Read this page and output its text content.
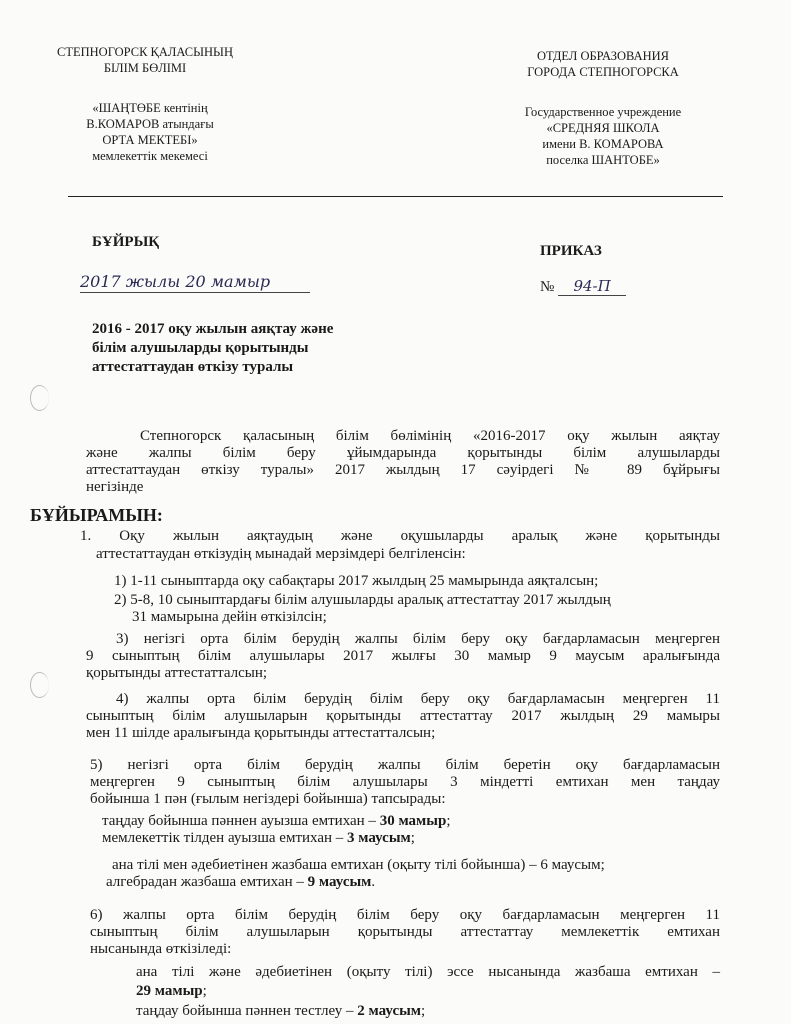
СТЕПНОГОРСК ҚАЛАСЫНЫҢ
БІЛІМ БӨЛІМІ
«ШАҢТӨБЕ кентінің
В.КОМАРОВ атындағы
ОРТА МЕКТЕБІ»
мемлекеттік мекемесі
ОТДЕЛ ОБРАЗОВАНИЯ
ГОРОДА СТЕПНОГОРСКА
Государственное учреждение
«СРЕДНЯЯ ШКОЛА
имени В. КОМАРОВА
поселка ШАНТОБЕ»
БҰЙРЫҚ
ПРИКАЗ
2017 жылы 20 мамыр	№ 94-П
2016 - 2017 оқу жылын аяқтау және
білім алушыларды қорытынды
аттестаттаудан өткізу туралы
Степногорск қаласының білім бөлімінің «2016-2017 оқу жылын аяқтау
және жалпы білім беру ұйымдарында қорытынды білім алушыларды
аттестаттаудан өткізу туралы» 2017 жылдың 17 сәуірдегі № 89 бұйрығы
негізінде
БҰЙЫРАМЫН:
1. Оқу жылын аяқтаудың және оқушыларды аралық және қорытынды
аттестаттаудан өткізудің мынадай мерзімдері белгіленсін:
1) 1-11 сыныптарда оқу сабақтары 2017 жылдың 25 мамырында аяқталсын;
2) 5-8, 10 сыныптардағы білім алушыларды аралық аттестаттау 2017 жылдың
31 мамырына дейін өткізілсін;
3) негізгі орта білім берудің жалпы білім беру оқу бағдарламасын меңгерген
9 сыныптың білім алушылары 2017 жылғы 30 мамыр 9 маусым аралығында
қорытынды аттестатталсын;
4) жалпы орта білім берудің білім беру оқу бағдарламасын меңгерген 11
сыныптың білім алушыларын қорытынды аттестаттау 2017 жылдың 29 мамыры
мен 11 шілде аралығында қорытынды аттестатталсын;
5) негізгі орта білім берудің жалпы білім беретін оқу бағдарламасын
меңгерген 9 сыныптың білім алушылары 3 міндетті емтихан мен таңдау
бойынша 1 пән (ғылым негіздері бойынша) тапсырады:
таңдау бойынша пәннен ауызша емтихан – 30 мамыр;
мемлекеттік тілден ауызша емтихан – 3 маусым;
ана тілі мен әдебиетінен жазбаша емтихан (оқыту тілі бойынша) – 6 маусым;
алгебрадан жазбаша емтихан – 9 маусым.
6) жалпы орта білім берудің білім беру оқу бағдарламасын меңгерген 11
сыныптың білім алушыларын қорытынды аттестаттау мемлекеттік емтихан
нысанында өткізіледі:
ана тілі және әдебиетінен (оқыту тілі) эссе нысанында жазбаша емтихан –
29 мамыр;
таңдау бойынша пәннен тестлеу – 2 маусым;
